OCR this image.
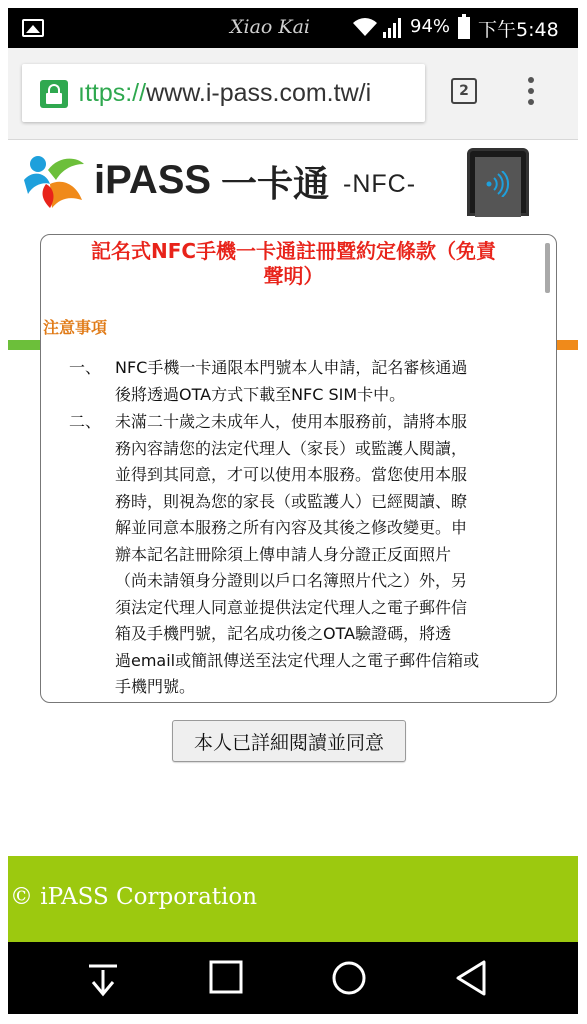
Xiao Kai	94% 下午5:48
ıttps://www.i-pass.com.tw/i	2
iPASS 一卡通 -NFC-
記名式NFC手機一卡通註冊暨約定條款（免責
聲明）
注意事項
一、 NFC手機一卡通限本門號本人申請，記名審核通過
後將透過OTA方式下載至NFC SIM卡中。
二、 未滿二十歲之未成年人，使用本服務前，請將本服
務內容請您的法定代理人（家長）或監護人閱讀，
並得到其同意，才可以使用本服務。當您使用本服
務時，則視為您的家長（或監護人）已經閱讀、瞭
解並同意本服務之所有內容及其後之修改變更。申
辦本記名註冊除須上傳申請人身分證正反面照片
（尚未請領身分證則以戶口名簿照片代之）外，另
須法定代理人同意並提供法定代理人之電子郵件信
箱及手機門號，記名成功後之OTA驗證碼，將透
過email或簡訊傳送至法定代理人之電子郵件信箱或
手機門號。
本人已詳細閱讀並同意
© iPASS Corporation
